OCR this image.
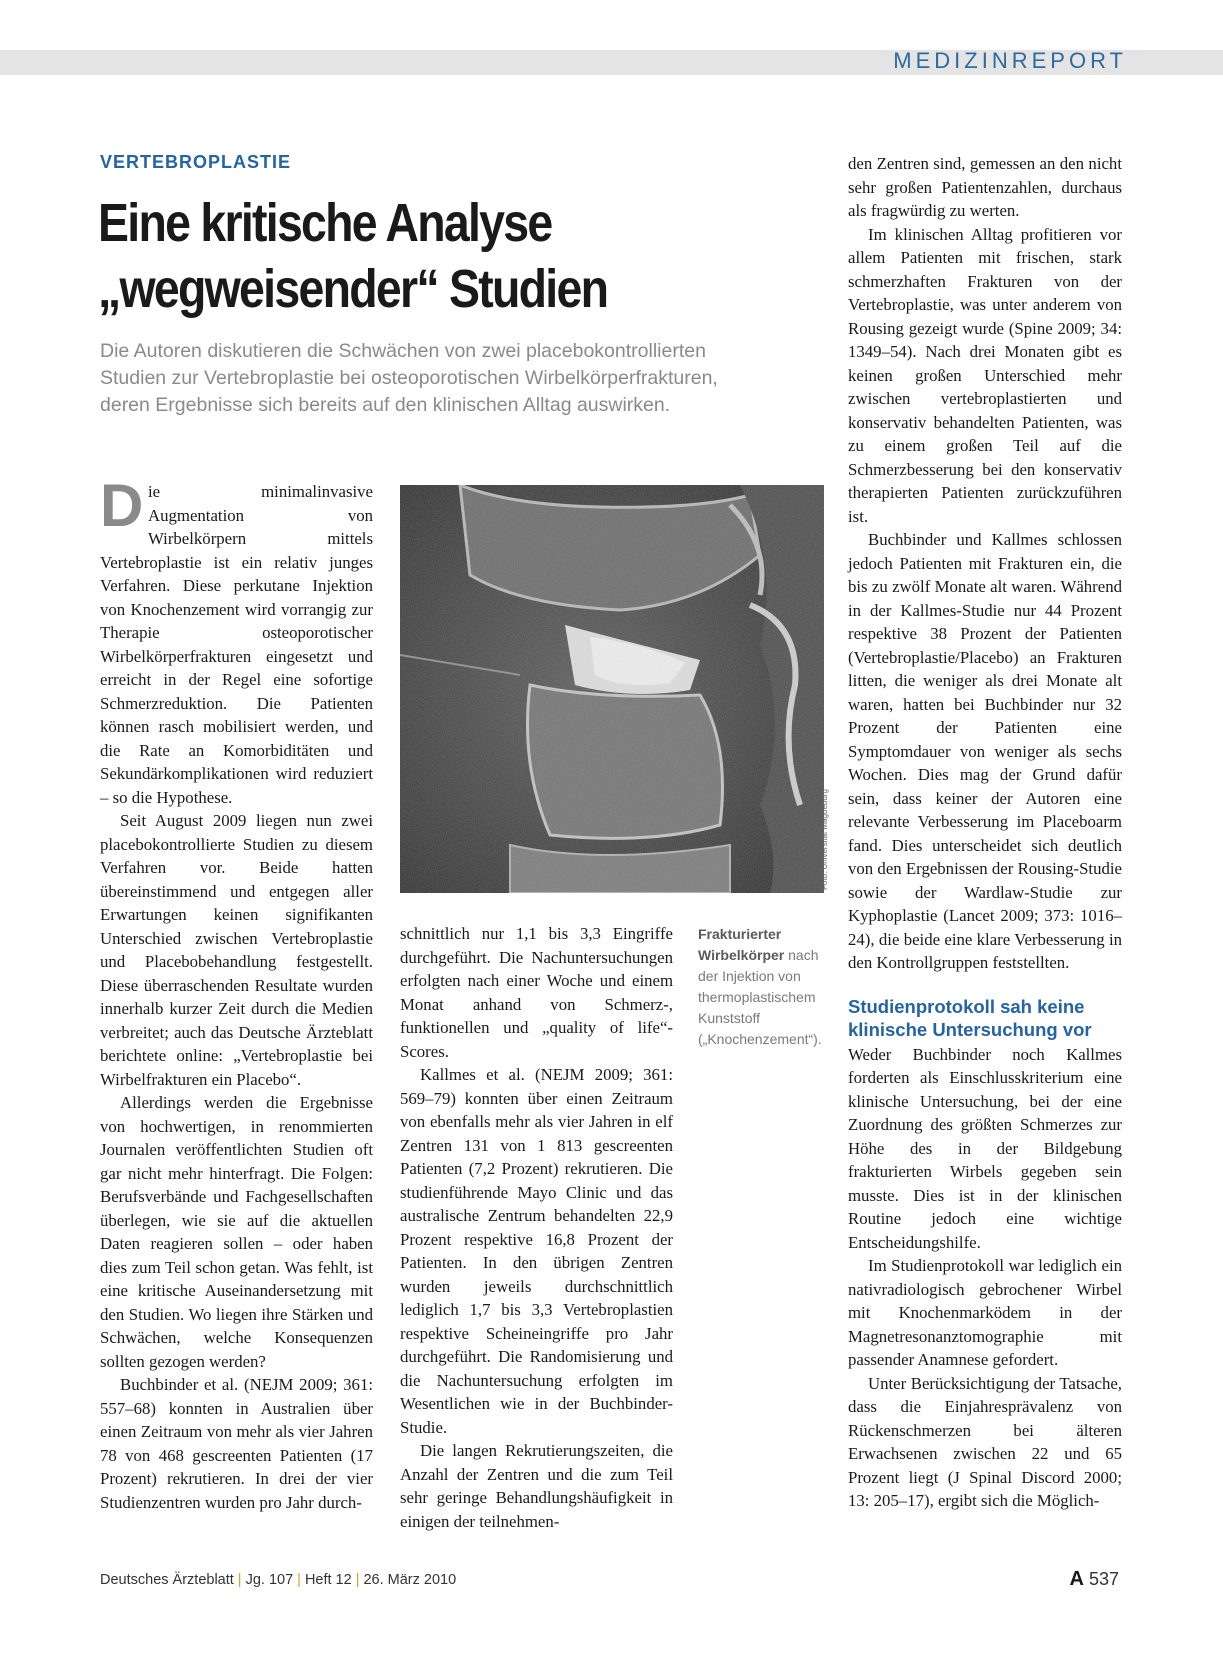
MEDIZINREPORT
VERTEBROPLASTIE
Eine kritische Analyse
„wegweisender“ Studien
Die Autoren diskutieren die Schwächen von zwei placebokontrollierten
Studien zur Vertebroplastie bei osteoporotischen Wirbelkörperfrakturen,
deren Ergebnisse sich bereits auf den klinischen Alltag auswirken.

Die minimalinvasive Augmentation von Wirbelkörpern mittels Vertebroplastie ist ein relativ junges Verfahren. Diese perkutane Injektion von Knochenzement wird vorrangig zur Therapie osteoporotischer Wirbelkörperfrakturen eingesetzt und erreicht in der Regel eine sofortige Schmerzreduktion. Die Patienten können rasch mobilisiert werden, und die Rate an Komorbiditäten und Sekundärkomplikationen wird reduziert – so die Hypothese.

Seit August 2009 liegen nun zwei placebokontrollierte Studien zu diesem Verfahren vor. Beide hatten übereinstimmend und entgegen aller Erwartungen keinen signifikanten Unterschied zwischen Vertebroplastie und Placebobehandlung festgestellt. Diese überraschenden Resultate wurden innerhalb kurzer Zeit durch die Medien verbreitet; auch das Deutsche Ärzteblatt berichtete online: „Vertebroplastie bei Wirbelfrakturen ein Placebo“.

Allerdings werden die Ergebnisse von hochwertigen, in renommierten Journalen veröffentlichten Studien oft gar nicht mehr hinterfragt. Die Folgen: Berufsverbände und Fachgesellschaften überlegen, wie sie auf die aktuellen Daten reagieren sollen – oder haben dies zum Teil schon getan. Was fehlt, ist eine kritische Auseinandersetzung mit den Studien. Wo liegen ihre Stärken und Schwächen, welche Konsequenzen sollten gezogen werden?

Buchbinder et al. (NEJM 2009; 361: 557–68) konnten in Australien über einen Zeitraum von mehr als vier Jahren 78 von 468 gescreenten Patienten (17 Prozent) rekrutieren. In drei der vier Studienzentren wurden pro Jahr durch-

Foto: Universität Magdeburg

schnittlich nur 1,1 bis 3,3 Eingriffe durchgeführt. Die Nachuntersuchungen erfolgten nach einer Woche und einem Monat anhand von Schmerz-, funktionellen und „quality of life“-Scores.

Kallmes et al. (NEJM 2009; 361: 569–79) konnten über einen Zeitraum von ebenfalls mehr als vier Jahren in elf Zentren 131 von 1 813 gescreenten Patienten (7,2 Prozent) rekrutieren. Die studienführende Mayo Clinic und das australische Zentrum behandelten 22,9 Prozent respektive 16,8 Prozent der Patienten. In den übrigen Zentren wurden jeweils durchschnittlich lediglich 1,7 bis 3,3 Vertebroplastien respektive Scheineingriffe pro Jahr durchgeführt. Die Randomisierung und die Nachuntersuchung erfolgten im Wesentlichen wie in der Buchbinder-Studie.

Die langen Rekrutierungszeiten, die Anzahl der Zentren und die zum Teil sehr geringe Behandlungshäufigkeit in einigen der teilnehmen-

Frakturierter Wirbelkörper nach der Injektion von thermoplastischem Kunststoff („Knochenzement“).

den Zentren sind, gemessen an den nicht sehr großen Patientenzahlen, durchaus als fragwürdig zu werten.

Im klinischen Alltag profitieren vor allem Patienten mit frischen, stark schmerzhaften Frakturen von der Vertebroplastie, was unter anderem von Rousing gezeigt wurde (Spine 2009; 34: 1349–54). Nach drei Monaten gibt es keinen großen Unterschied mehr zwischen vertebroplastierten und konservativ behandelten Patienten, was zu einem großen Teil auf die Schmerzbesserung bei den konservativ therapierten Patienten zurückzuführen ist.

Buchbinder und Kallmes schlossen jedoch Patienten mit Frakturen ein, die bis zu zwölf Monate alt waren. Während in der Kallmes-Studie nur 44 Prozent respektive 38 Prozent der Patienten (Vertebroplastie/Placebo) an Frakturen litten, die weniger als drei Monate alt waren, hatten bei Buchbinder nur 32 Prozent der Patienten eine Symptomdauer von weniger als sechs Wochen. Dies mag der Grund dafür sein, dass keiner der Autoren eine relevante Verbesserung im Placeboarm fand. Dies unterscheidet sich deutlich von den Ergebnissen der Rousing-Studie sowie der Wardlaw-Studie zur Kyphoplastie (Lancet 2009; 373: 1016–24), die beide eine klare Verbesserung in den Kontrollgruppen feststellten.

Studienprotokoll sah keine klinische Untersuchung vor

Weder Buchbinder noch Kallmes forderten als Einschlusskriterium eine klinische Untersuchung, bei der eine Zuordnung des größten Schmerzes zur Höhe des in der Bildgebung frakturierten Wirbels gegeben sein musste. Dies ist in der klinischen Routine jedoch eine wichtige Entscheidungshilfe.

Im Studienprotokoll war lediglich ein nativradiologisch gebrochener Wirbel mit Knochenmarködem in der Magnetresonanztomographie mit passender Anamnese gefordert.

Unter Berücksichtigung der Tatsache, dass die Einjahresprävalenz von Rückenschmerzen bei älteren Erwachsenen zwischen 22 und 65 Prozent liegt (J Spinal Discord 2000; 13: 205–17), ergibt sich die Möglich-

Deutsches Ärzteblatt | Jg. 107 | Heft 12 | 26. März 2010	A 537
